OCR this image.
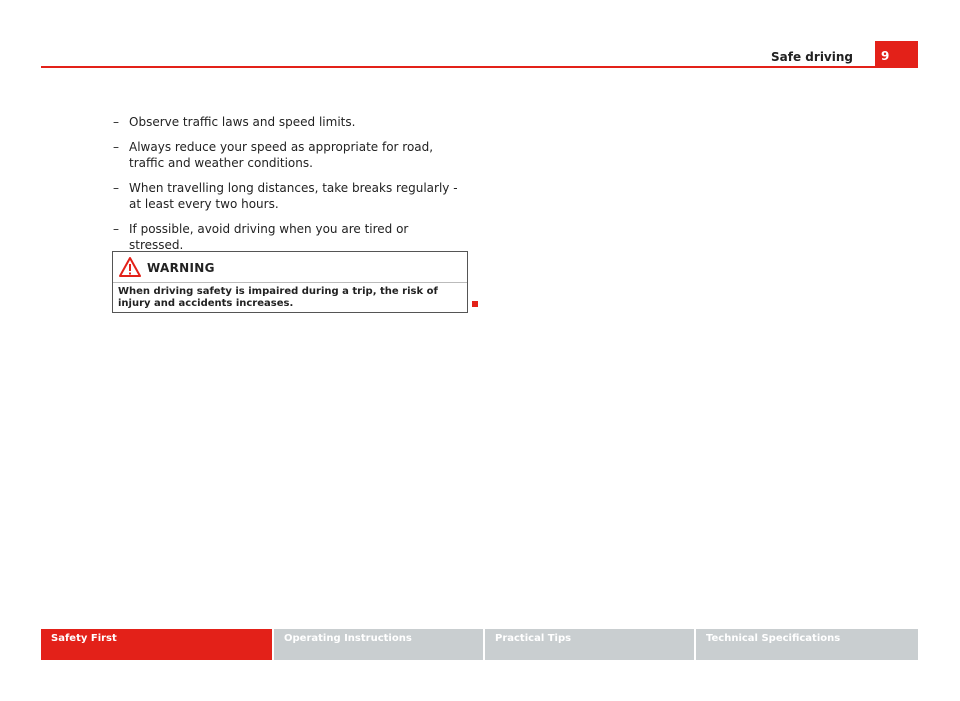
Safe driving	9
– Observe traffic laws and speed limits.
– Always reduce your speed as appropriate for road, traffic and weather conditions.
– When travelling long distances, take breaks regularly - at least every two hours.
– If possible, avoid driving when you are tired or stressed.
WARNING
When driving safety is impaired during a trip, the risk of injury and accidents increases.
Safety First	Operating Instructions	Practical Tips	Technical Specifications
